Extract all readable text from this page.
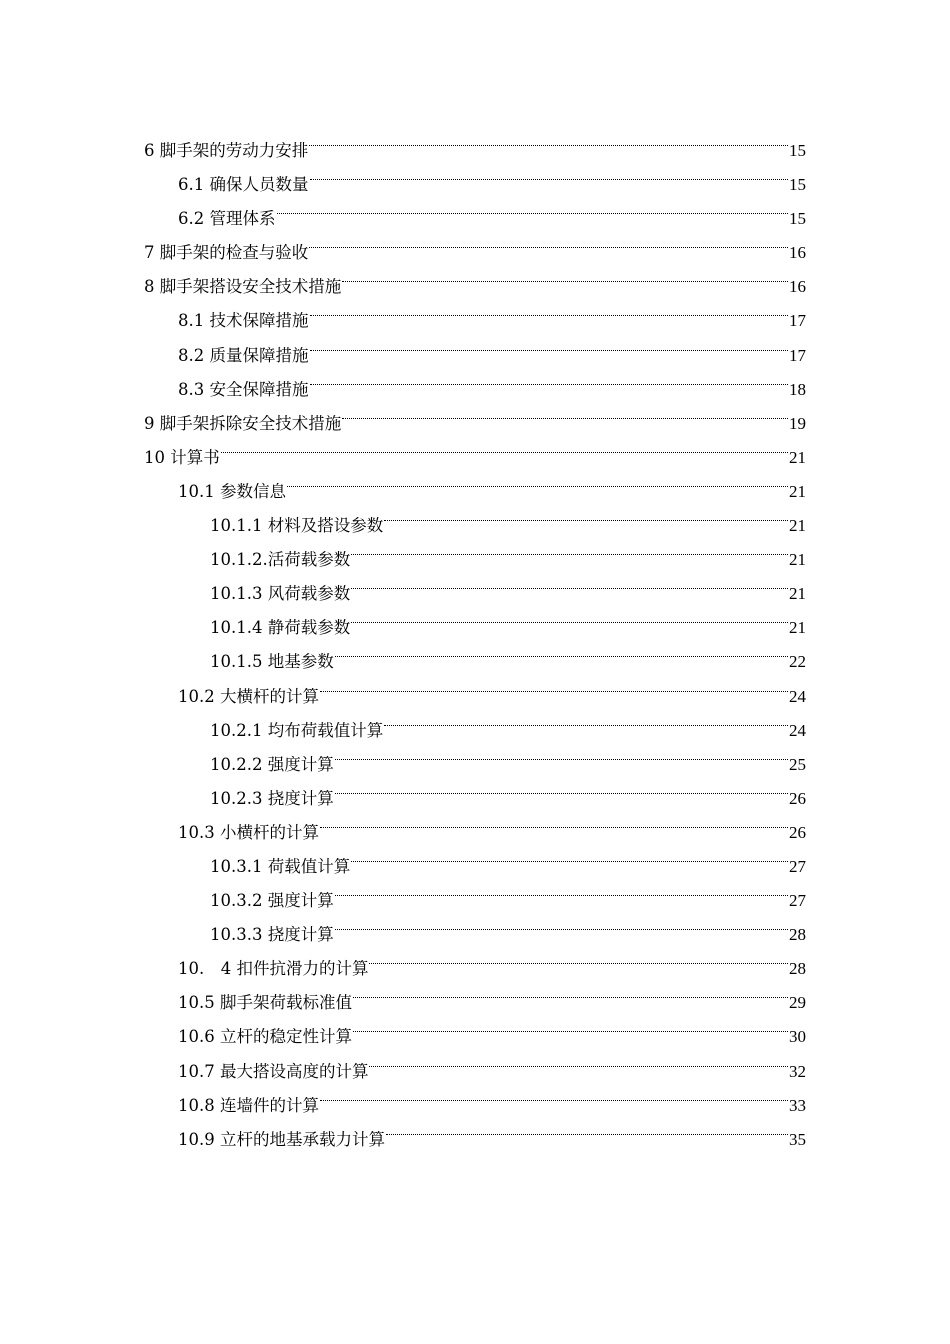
6 脚手架的劳动力安排	15
6.1 确保人员数量	15
6.2 管理体系	15
7 脚手架的检查与验收	16
8 脚手架搭设安全技术措施	16
8.1 技术保障措施	17
8.2 质量保障措施	17
8.3 安全保障措施	18
9 脚手架拆除安全技术措施	19
10 计算书	21
10.1 参数信息	21
10.1.1 材料及搭设参数	21
10.1.2.活荷载参数	21
10.1.3 风荷载参数	21
10.1.4 静荷载参数	21
10.1.5 地基参数	22
10.2 大横杆的计算	24
10.2.1 均布荷载值计算	24
10.2.2 强度计算	25
10.2.3 挠度计算	26
10.3 小横杆的计算	26
10.3.1 荷载值计算	27
10.3.2 强度计算	27
10.3.3 挠度计算	28
10.　4 扣件抗滑力的计算	28
10.5 脚手架荷载标准值	29
10.6 立杆的稳定性计算	30
10.7 最大搭设高度的计算	32
10.8 连墙件的计算	33
10.9 立杆的地基承载力计算	35
